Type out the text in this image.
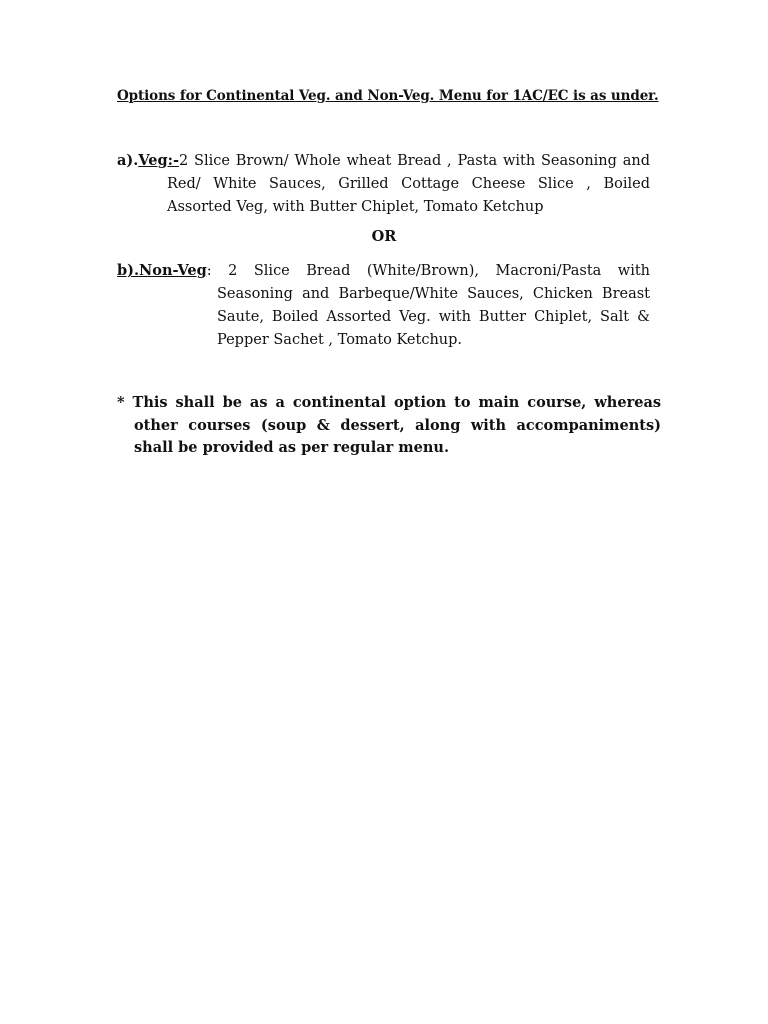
Options for Continental Veg. and Non-Veg. Menu for 1AC/EC is as under.
a).Veg:-2 Slice Brown/ Whole wheat Bread , Pasta with Seasoning and Red/ White Sauces, Grilled Cottage Cheese Slice , Boiled Assorted Veg, with Butter Chiplet, Tomato Ketchup
OR
b).Non-Veg: 2 Slice Bread (White/Brown), Macroni/Pasta with Seasoning and Barbeque/White Sauces, Chicken Breast Saute, Boiled Assorted Veg. with Butter Chiplet, Salt & Pepper Sachet , Tomato Ketchup.
* This shall be as a continental option to main course, whereas other courses (soup & dessert, along with accompaniments) shall be provided as per regular menu.
